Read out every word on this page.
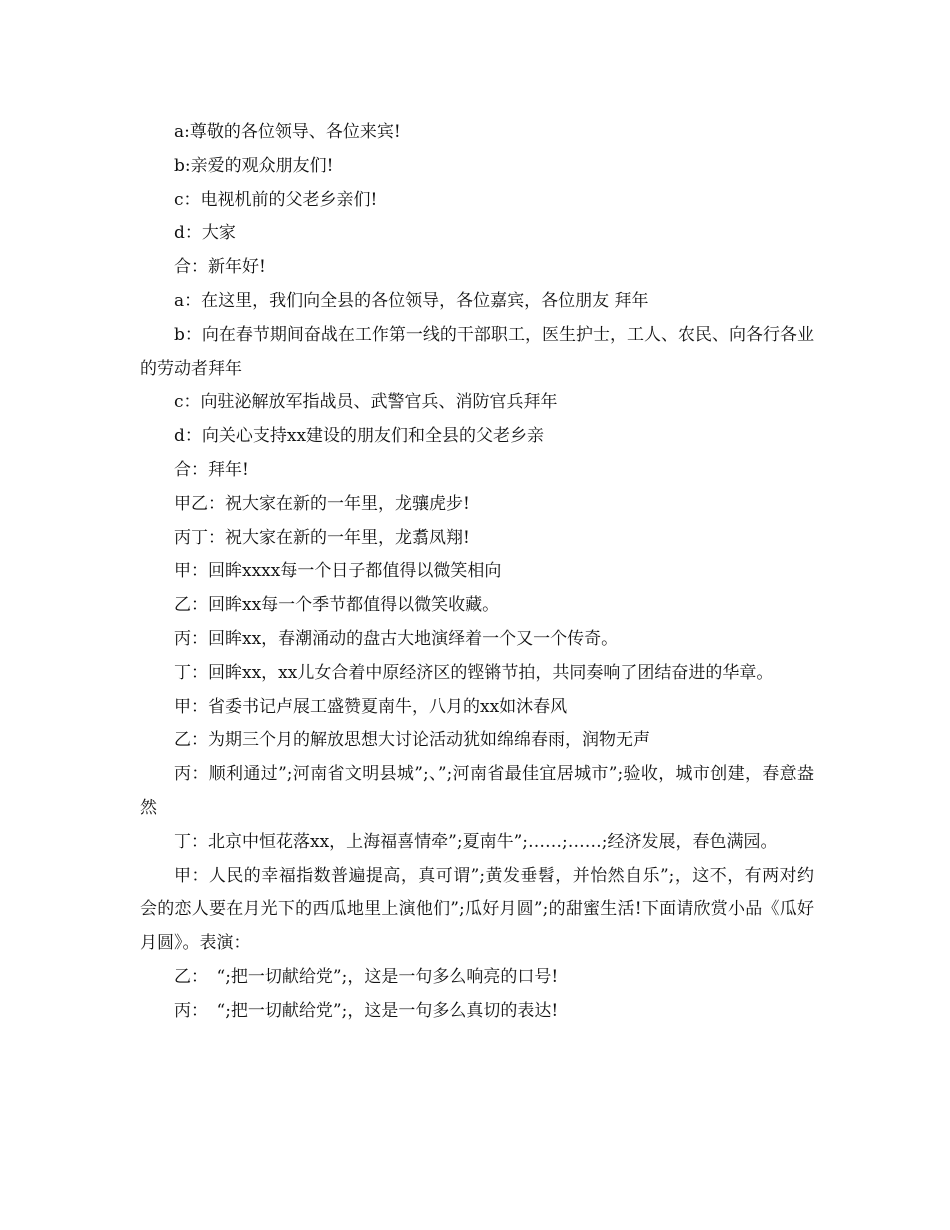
a:尊敬的各位领导、各位来宾!

b:亲爱的观众朋友们!

c：电视机前的父老乡亲们!

d：大家

合：新年好!

a：在这里，我们向全县的各位领导，各位嘉宾，各位朋友 拜年

b：向在春节期间奋战在工作第一线的干部职工，医生护士，工人、农民、向各行各业的劳动者拜年

c：向驻泌解放军指战员、武警官兵、消防官兵拜年

d：向关心支持xx建设的朋友们和全县的父老乡亲

合：拜年!

甲乙：祝大家在新的一年里，龙骧虎步!

丙丁：祝大家在新的一年里，龙翥凤翔!

甲：回眸xxxx每一个日子都值得以微笑相向

乙：回眸xx每一个季节都值得以微笑收藏。

丙：回眸xx，春潮涌动的盘古大地演绎着一个又一个传奇。

丁：回眸xx，xx儿女合着中原经济区的铿锵节拍，共同奏响了团结奋进的华章。

甲：省委书记卢展工盛赞夏南牛，八月的xx如沐春风

乙：为期三个月的解放思想大讨论活动犹如绵绵春雨，润物无声

丙：顺利通过”;河南省文明县城”;、”;河南省最佳宜居城市”;验收，城市创建，春意盎然

丁：北京中恒花落xx，上海福喜情牵”;夏南牛”;……;……;经济发展，春色满园。

甲：人民的幸福指数普遍提高，真可谓”;黄发垂髫，并怡然自乐”;，这不，有两对约会的恋人要在月光下的西瓜地里上演他们”;瓜好月圆”;的甜蜜生活!下面请欣赏小品《瓜好月圆》。表演：

乙：　“;把一切献给党”;，这是一句多么响亮的口号!

丙：　“;把一切献给党”;，这是一句多么真切的表达!
